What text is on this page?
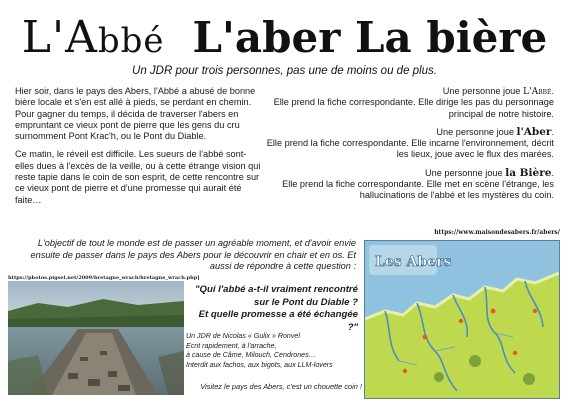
L'Abbé L'aber La bière
Un JDR pour trois personnes, pas une de moins ou de plus.

Hier soir, dans le pays des Abers, l'Abbé a abusé de bonne bière locale et s'en est allé à pieds, se perdant en chemin. Pour gagner du temps, il décida de traverser l'abers en empruntant ce vieux pont de pierre que les gens du cru surnomment Pont Krac'h, ou le Pont du Diable.

Ce matin, le réveil est difficile. Les sueurs de l'abbé sont-elles dues à l'excès de la veille, ou à cette étrange vision qui reste tapie dans le coin de son esprit, de cette rencontre sur ce vieux pont de pierre et d'une promesse qui aurait été faite…

Une personne joue L'Abbé.
Elle prend la fiche correspondante. Elle dirige les pas du personnage principal de notre histoire.

Une personne joue l'Aber.
Elle prend la fiche correspondante. Elle incarne l'environnement, décrit les lieux, joue avec le flux des marées.

Une personne joue la Bière.
Elle prend la fiche correspondante. Elle met en scène l'étrange, les hallucinations de l'abbé et les mystères du coin.

https://www.maisondesabers.fr/abers/
L'objectif de tout le monde est de passer un agréable moment, et d'avoir envie ensuite de passer dans le pays des Abers pour le découvrir en chair et en os. Et aussi de répondre à cette question :
https://photos.pigsel.net/2009/bretagne_wrach/bretagne_wrach.php]
"Qui l'abbé a-t-il vraiment rencontré
sur le Pont du Diable ?
Et quelle promesse a été échangée ?"
Un JDR de Nicolas « Gulix » Ronvel
Ecrit rapidement, à l'arrache,
à cause de Câme, Milouch, Cendrones…
Interdit aux fachos, aux bigots, aux LLM-lovers
Visitez le pays des Abers, c'est un chouette coin !
Les Abers
